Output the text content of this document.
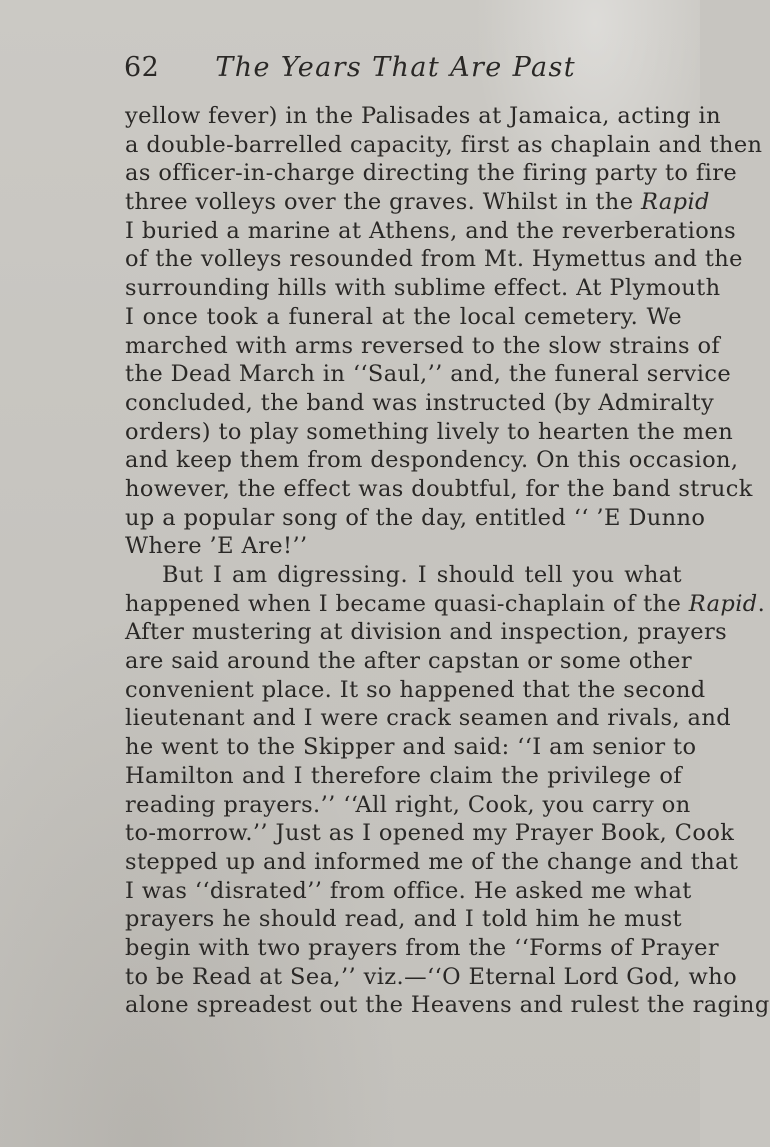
62 The Years That Are Past
yellow fever) in the Palisades at Jamaica, acting in
a double-barrelled capacity, first as chaplain and then
as officer-in-charge directing the firing party to fire
three volleys over the graves. Whilst in the Rapid
I buried a marine at Athens, and the reverberations
of the volleys resounded from Mt. Hymettus and the
surrounding hills with sublime effect. At Plymouth
I once took a funeral at the local cemetery. We
marched with arms reversed to the slow strains of
the Dead March in ‘‘Saul,’’ and, the funeral service
concluded, the band was instructed (by Admiralty
orders) to play something lively to hearten the men
and keep them from despondency. On this occasion,
however, the effect was doubtful, for the band struck
up a popular song of the day, entitled ‘‘ ’E Dunno
Where ’E Are!’’
But I am digressing. I should tell you what
happened when I became quasi-chaplain of the Rapid.
After mustering at division and inspection, prayers
are said around the after capstan or some other
convenient place. It so happened that the second
lieutenant and I were crack seamen and rivals, and
he went to the Skipper and said: ‘‘I am senior to
Hamilton and I therefore claim the privilege of
reading prayers.’’ ‘‘All right, Cook, you carry on
to-morrow.’’ Just as I opened my Prayer Book, Cook
stepped up and informed me of the change and that
I was ‘‘disrated’’ from office. He asked me what
prayers he should read, and I told him he must
begin with two prayers from the ‘‘Forms of Prayer
to be Read at Sea,’’ viz.—‘‘O Eternal Lord God, who
alone spreadest out the Heavens and rulest the raging
